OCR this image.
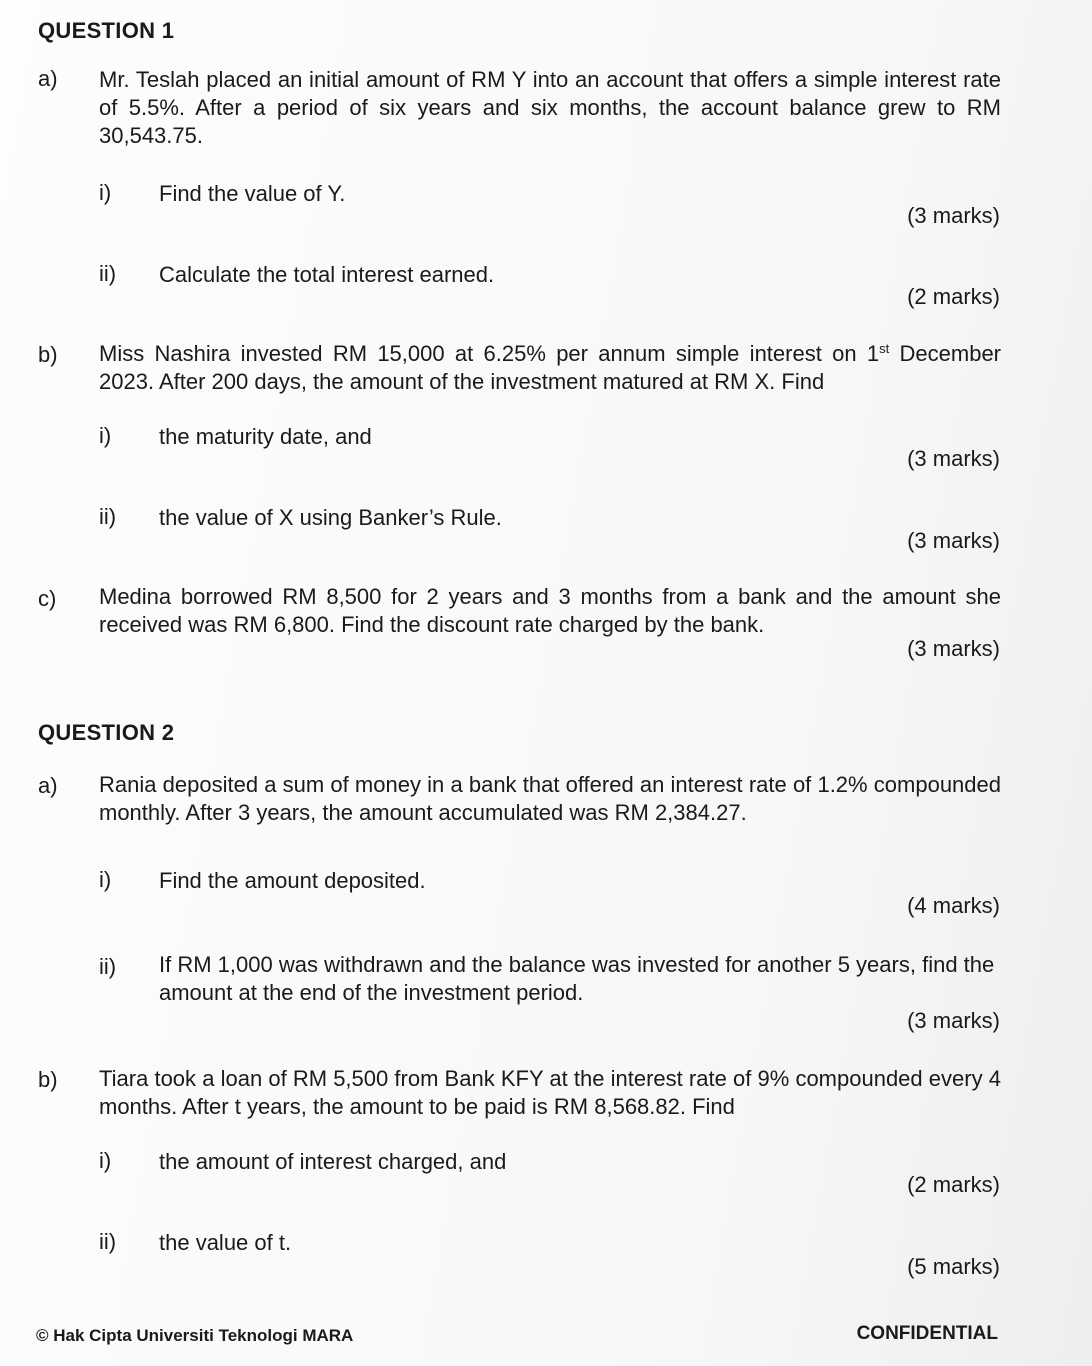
QUESTION 1
a) Mr. Teslah placed an initial amount of RM Y into an account that offers a simple interest rate of 5.5%. After a period of six years and six months, the account balance grew to RM 30,543.75.
i) Find the value of Y.
(3 marks)
ii) Calculate the total interest earned.
(2 marks)
b) Miss Nashira invested RM 15,000 at 6.25% per annum simple interest on 1st December 2023. After 200 days, the amount of the investment matured at RM X. Find
i) the maturity date, and
(3 marks)
ii) the value of X using Banker’s Rule.
(3 marks)
c) Medina borrowed RM 8,500 for 2 years and 3 months from a bank and the amount she received was RM 6,800. Find the discount rate charged by the bank.
(3 marks)
QUESTION 2
a) Rania deposited a sum of money in a bank that offered an interest rate of 1.2% compounded monthly. After 3 years, the amount accumulated was RM 2,384.27.
i) Find the amount deposited.
(4 marks)
ii) If RM 1,000 was withdrawn and the balance was invested for another 5 years, find the amount at the end of the investment period.
(3 marks)
b) Tiara took a loan of RM 5,500 from Bank KFY at the interest rate of 9% compounded every 4 months. After t years, the amount to be paid is RM 8,568.82. Find
i) the amount of interest charged, and
(2 marks)
ii) the value of t.
(5 marks)
© Hak Cipta Universiti Teknologi MARA	CONFIDENTIAL
